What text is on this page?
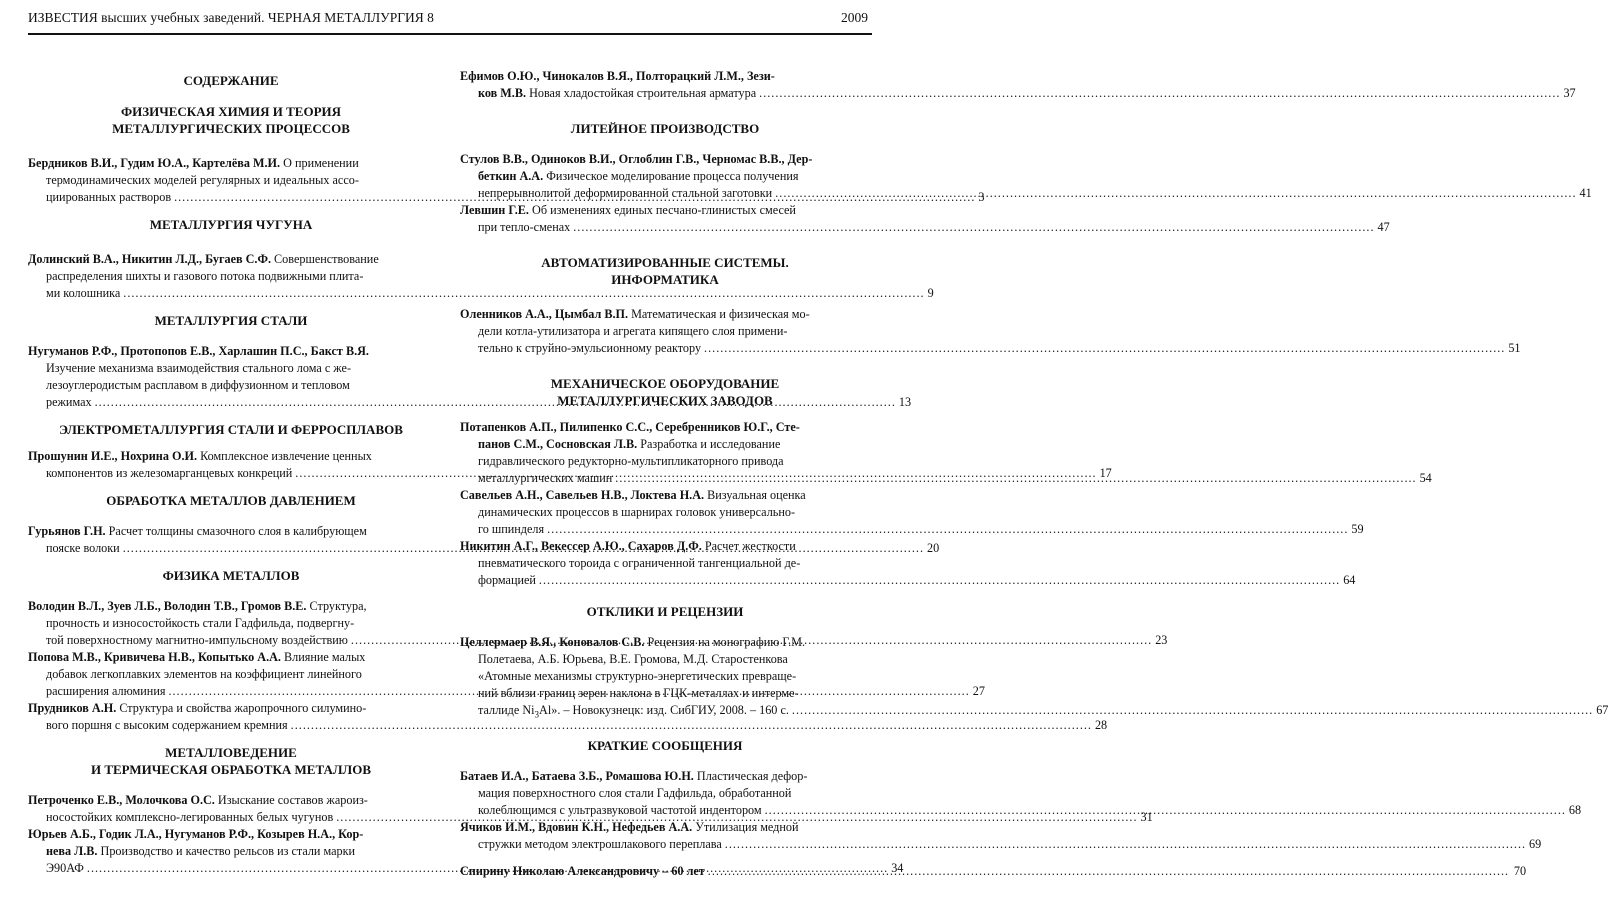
ИЗВЕСТИЯ высших учебных заведений. ЧЕРНАЯ МЕТАЛЛУРГИЯ 8	2009

СОДЕРЖАНИЕ

ФИЗИЧЕСКАЯ ХИМИЯ И ТЕОРИЯ
МЕТАЛЛУРГИЧЕСКИХ ПРОЦЕССОВ

Бердников В.И., Гудим Ю.А., Картелёва М.И. О применении
термодинамических моделей регулярных и идеальных ассо-
циированных растворов .....	3

МЕТАЛЛУРГИЯ ЧУГУНА

Долинский В.А., Никитин Л.Д., Бугаев С.Ф. Совершенствование
распределения шихты и газового потока подвижными плита-
ми колошника .....	9

МЕТАЛЛУРГИЯ СТАЛИ

Нугуманов Р.Ф., Протопопов Е.В., Харлашин П.С., Бакст В.Я.
Изучение механизма взаимодействия стального лома с же-
лезоуглеродистым расплавом в диффузионном и тепловом
режимах .....	13

ЭЛЕКТРОМЕТАЛЛУРГИЯ СТАЛИ И ФЕРРОСПЛАВОВ

Прошунин И.Е., Нохрина О.И. Комплексное извлечение ценных
компонентов из железомарганцевых конкреций .....	17

ОБРАБОТКА МЕТАЛЛОВ ДАВЛЕНИЕМ

Гурьянов Г.Н. Расчет толщины смазочного слоя в калибрующем
пояске волоки .....	20

ФИЗИКА МЕТАЛЛОВ

Володин В.Л., Зуев Л.Б., Володин Т.В., Громов В.Е. Структура,
прочность и износостойкость стали Гадфильда, подвергну-
той поверхностному магнитно-импульсному воздействию .....	23
Попова М.В., Кривичева Н.В., Копытько А.А. Влияние малых
добавок легкоплавких элементов на коэффициент линейного
расширения алюминия .....	27
Прудников А.Н. Структура и свойства жаропрочного силумино-
вого поршня с высоким содержанием кремния .....	28

МЕТАЛЛОВЕДЕНИЕ
И ТЕРМИЧЕСКАЯ ОБРАБОТКА МЕТАЛЛОВ

Петроченко Е.В., Молочкова О.С. Изыскание составов жароиз-
носостойких комплексно-легированных белых чугунов .....	31
Юрьев А.Б., Годик Л.А., Нугуманов Р.Ф., Козырев Н.А., Кор-
нева Л.В. Производство и качество рельсов из стали марки
Э90АФ .....	34
Ефимов О.Ю., Чинокалов В.Я., Полторацкий Л.М., Зези-
ков М.В. Новая хладостойкая строительная арматура .....	37

ЛИТЕЙНОЕ ПРОИЗВОДСТВО

Стулов В.В., Одиноков В.И., Оглоблин Г.В., Черномас В.В., Дер-
беткин А.А. Физическое моделирование процесса получения
непрерывнолитой деформированной стальной заготовки .....	41
Левшин Г.Е. Об изменениях единых песчано-глинистых смесей
при тепло-сменах .....	47

АВТОМАТИЗИРОВАННЫЕ СИСТЕМЫ.
ИНФОРМАТИКА

Оленников А.А., Цымбал В.П. Математическая и физическая мо-
дели котла-утилизатора и агрегата кипящего слоя примени-
тельно к струйно-эмульсионному реактору .....	51

МЕХАНИЧЕСКОЕ ОБОРУДОВАНИЕ
МЕТАЛЛУРГИЧЕСКИХ ЗАВОДОВ

Потапенков А.П., Пилипенко С.С., Серебренников Ю.Г., Сте-
панов С.М., Сосновская Л.В. Разработка и исследование
гидравлического редукторно-мультипликаторного привода
металлургических машин .....	54
Савельев А.Н., Савельев Н.В., Локтева Н.А. Визуальная оценка
динамических процессов в шарнирах головок универсально-
го шпинделя .....	59
Никитин А.Г., Векессер А.Ю., Сахаров Д.Ф. Расчет жесткости
пневматического тороида с ограниченной тангенциальной де-
формацией .....	64

ОТКЛИКИ И РЕЦЕНЗИИ

Целлермаер В.Я., Коновалов С.В. Рецензия на монографию Г.М.
Полетаева, А.Б. Юрьева, В.Е. Громова, М.Д. Старостенкова
«Атомные механизмы структурно-энергетических превраще-
ний вблизи границ зерен наклона в ГЦК-металлах и интерме-
таллиде $Ni_3Al$». – Новокузнецк: изд. СибГИУ, 2008. – 160 с. .....	67

КРАТКИЕ СООБЩЕНИЯ

Батаев И.А., Батаева З.Б., Ромашова Ю.Н. Пластическая дефор-
мация поверхностного слоя стали Гадфильда, обработанной
колеблющимся с ультразвуковой частотой индентором .....	68
Ячиков И.М., Вдовин К.Н., Нефедьев А.А. Утилизация медной
стружки методом электрошлакового переплава .....	69
Спирину Николаю Александровичу – 60 лет .....	70
